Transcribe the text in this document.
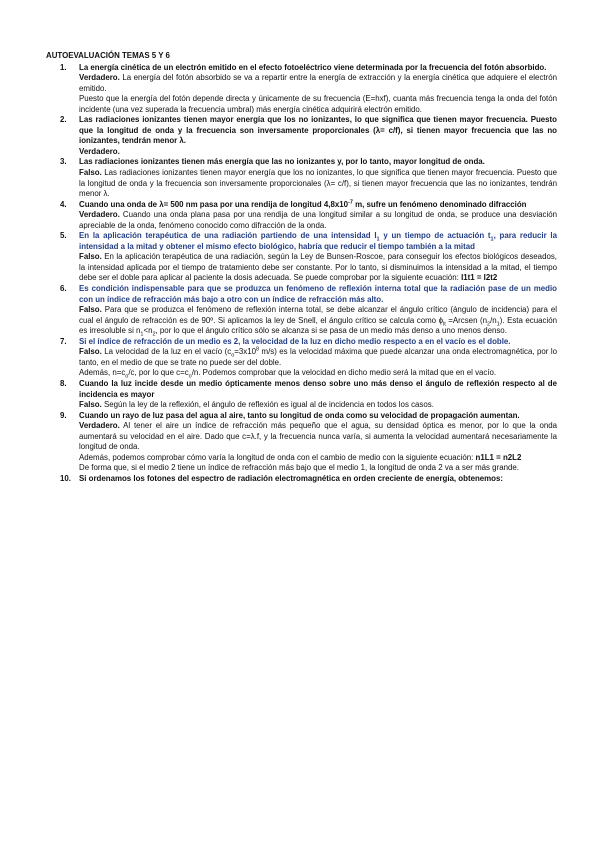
AUTOEVALUACIÓN TEMAS 5 Y 6
1. La energía cinética de un electrón emitido en el efecto fotoeléctrico viene determinada por la frecuencia del fotón absorbido.
Verdadero. La energía del fotón absorbido se va a repartir entre la energía de extracción y la energía cinética que adquiere el electrón emitido.
Puesto que la energía del fotón depende directa y únicamente de su frecuencia (E=hxf), cuanta más frecuencia tenga la onda del fotón incidente (una vez superada la frecuencia umbral) más energía cinética adquirirá electrón emitido.
2. Las radiaciones ionizantes tienen mayor energía que los no ionizantes, lo que significa que tienen mayor frecuencia. Puesto que la longitud de onda y la frecuencia son inversamente proporcionales (λ= c/f), si tienen mayor frecuencia que las no ionizantes, tendrán menor λ.
Verdadero.
3. Las radiaciones ionizantes tienen más energía que las no ionizantes y, por lo tanto, mayor longitud de onda.
Falso. Las radiaciones ionizantes tienen mayor energía que los no ionizantes, lo que significa que tienen mayor frecuencia. Puesto que la longitud de onda y la frecuencia son inversamente proporcionales (λ= c/f), si tienen mayor frecuencia que las no ionizantes, tendrán menor λ.
4. Cuando una onda de λ= 500 nm pasa por una rendija de longitud $4,8x10^{-7}$ m, sufre un fenómeno denominado difracción
Verdadero. Cuando una onda plana pasa por una rendija de una longitud similar a su longitud de onda, se produce una desviación apreciable de la onda, fenómeno conocido como difracción de la onda.
5. En la aplicación terapéutica de una radiación partiendo de una intensidad $I_1$ y un tiempo de actuación $t_1$, para reducir la intensidad a la mitad y obtener el mismo efecto biológico, habría que reducir el tiempo también a la mitad
Falso. En la aplicación terapéutica de una radiación, según la Ley de Bunsen-Roscoe, para conseguir los efectos biológicos deseados, la intensidad aplicada por el tiempo de tratamiento debe ser constante. Por lo tanto, si disminuimos la intensidad a la mitad, el tiempo debe ser el doble para aplicar al paciente la dosis adecuada. Se puede comprobar por la siguiente ecuación: I1t1 = I2t2
6. Es condición indispensable para que se produzca un fenómeno de reflexión interna total que la radiación pase de un medio con un índice de refracción más bajo a otro con un índice de refracción más alto.
Falso. Para que se produzca el fenómeno de reflexión interna total, se debe alcanzar el ángulo crítico (ángulo de incidencia) para el cual el ángulo de refracción es de 90º. Si aplicamos la ley de Snell, el ángulo crítico se calcula como $\phi_{lt}$ =Arcsen $(n_2/n_1)$. Esta ecuación es irresoluble si $n_1<n_2$, por lo que el ángulo crítico sólo se alcanza si se pasa de un medio más denso a uno menos denso.
7. Si el índice de refracción de un medio es 2, la velocidad de la luz en dicho medio respecto a en el vacío es el doble.
Falso. La velocidad de la luz en el vacío ($c_o=3x10^8$ m/s) es la velocidad máxima que puede alcanzar una onda electromagnética, por lo tanto, en el medio de que se trate no puede ser del doble.
Además, $n=c_o/c$, por lo que $c=c_o/n$. Podemos comprobar que la velocidad en dicho medio será la mitad que en el vacío.
8. Cuando la luz incide desde un medio ópticamente menos denso sobre uno más denso el ángulo de reflexión respecto al de incidencia es mayor
Falso. Según la ley de la reflexión, el ángulo de reflexión es igual al de incidencia en todos los casos.
9. Cuando un rayo de luz pasa del agua al aire, tanto su longitud de onda como su velocidad de propagación aumentan.
Verdadero. Al tener el aire un índice de refracción más pequeño que el agua, su densidad óptica es menor, por lo que la onda aumentará su velocidad en el aire. Dado que c=λ.f, y la frecuencia nunca varía, si aumenta la velocidad aumentará necesariamente la longitud de onda.
Además, podemos comprobar cómo varía la longitud de onda con el cambio de medio con la siguiente ecuación: n1L1 = n2L2
De forma que, si el medio 2 tiene un índice de refracción más bajo que el medio 1, la longitud de onda 2 va a ser más grande.
10. Si ordenamos los fotones del espectro de radiación electromagnética en orden creciente de energía, obtenemos:
